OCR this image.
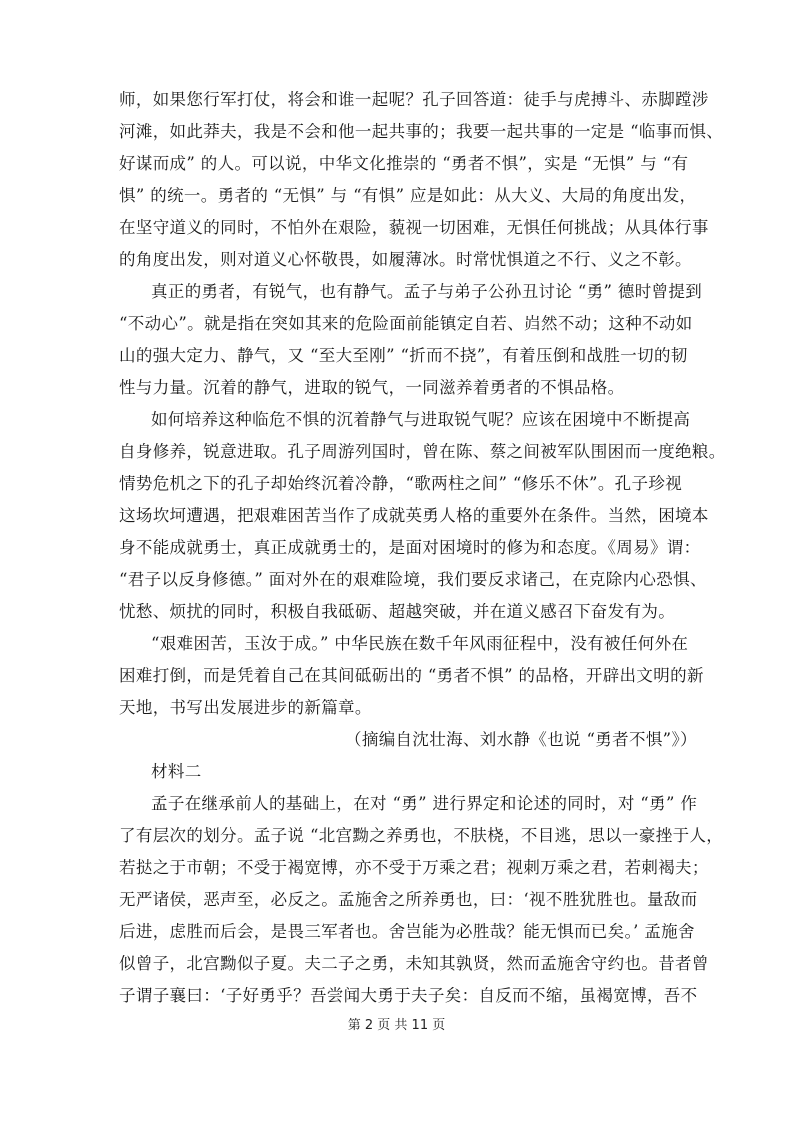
师，如果您行军打仗，将会和谁一起呢？孔子回答道：徒手与虎搏斗、赤脚蹚涉
河滩，如此莽夫，我是不会和他一起共事的；我要一起共事的一定是 “临事而惧、
好谋而成” 的人。可以说，中华文化推崇的 “勇者不惧”，实是 “无惧” 与 “有
惧” 的统一。勇者的 “无惧” 与 “有惧” 应是如此：从大义、大局的角度出发，
在坚守道义的同时，不怕外在艰险，藐视一切困难，无惧任何挑战；从具体行事
的角度出发，则对道义心怀敬畏，如履薄冰。时常忧惧道之不行、义之不彰。
真正的勇者，有锐气，也有静气。孟子与弟子公孙丑讨论 “勇” 德时曾提到
“不动心”。就是指在突如其来的危险面前能镇定自若、岿然不动；这种不动如
山的强大定力、静气，又 “至大至刚” “折而不挠”，有着压倒和战胜一切的韧
性与力量。沉着的静气，进取的锐气，一同滋养着勇者的不惧品格。
如何培养这种临危不惧的沉着静气与进取锐气呢？应该在困境中不断提高
自身修养，锐意进取。孔子周游列国时，曾在陈、蔡之间被军队围困而一度绝粮。
情势危机之下的孔子却始终沉着冷静，“歌两柱之间” “修乐不休”。孔子珍视
这场坎坷遭遇，把艰难困苦当作了成就英勇人格的重要外在条件。当然，困境本
身不能成就勇士，真正成就勇士的，是面对困境时的修为和态度。《周易》谓：
“君子以反身修德。” 面对外在的艰难险境，我们要反求诸己，在克除内心恐惧、
忧愁、烦扰的同时，积极自我砥砺、超越突破，并在道义感召下奋发有为。
“艰难困苦，玉汝于成。” 中华民族在数千年风雨征程中，没有被任何外在
困难打倒，而是凭着自己在其间砥砺出的 “勇者不惧” 的品格，开辟出文明的新
天地，书写出发展进步的新篇章。
（摘编自沈壮海、刘水静《也说 “勇者不惧”》）
材料二
孟子在继承前人的基础上，在对 “勇” 进行界定和论述的同时，对 “勇” 作
了有层次的划分。孟子说 “北宫黝之养勇也，不肤桡，不目逃，思以一豪挫于人，
若挞之于市朝；不受于褐宽博，亦不受于万乘之君；视刺万乘之君，若刺褐夫；
无严诸侯，恶声至，必反之。孟施舍之所养勇也，曰：‘视不胜犹胜也。量敌而
后进，虑胜而后会，是畏三军者也。舍岂能为必胜哉？能无惧而已矣。’ 孟施舍
似曾子，北宫黝似子夏。夫二子之勇，未知其孰贤，然而孟施舍守约也。昔者曾
子谓子襄曰：‘子好勇乎？吾尝闻大勇于夫子矣：自反而不缩，虽褐宽博，吾不
第 2 页 共 11 页
